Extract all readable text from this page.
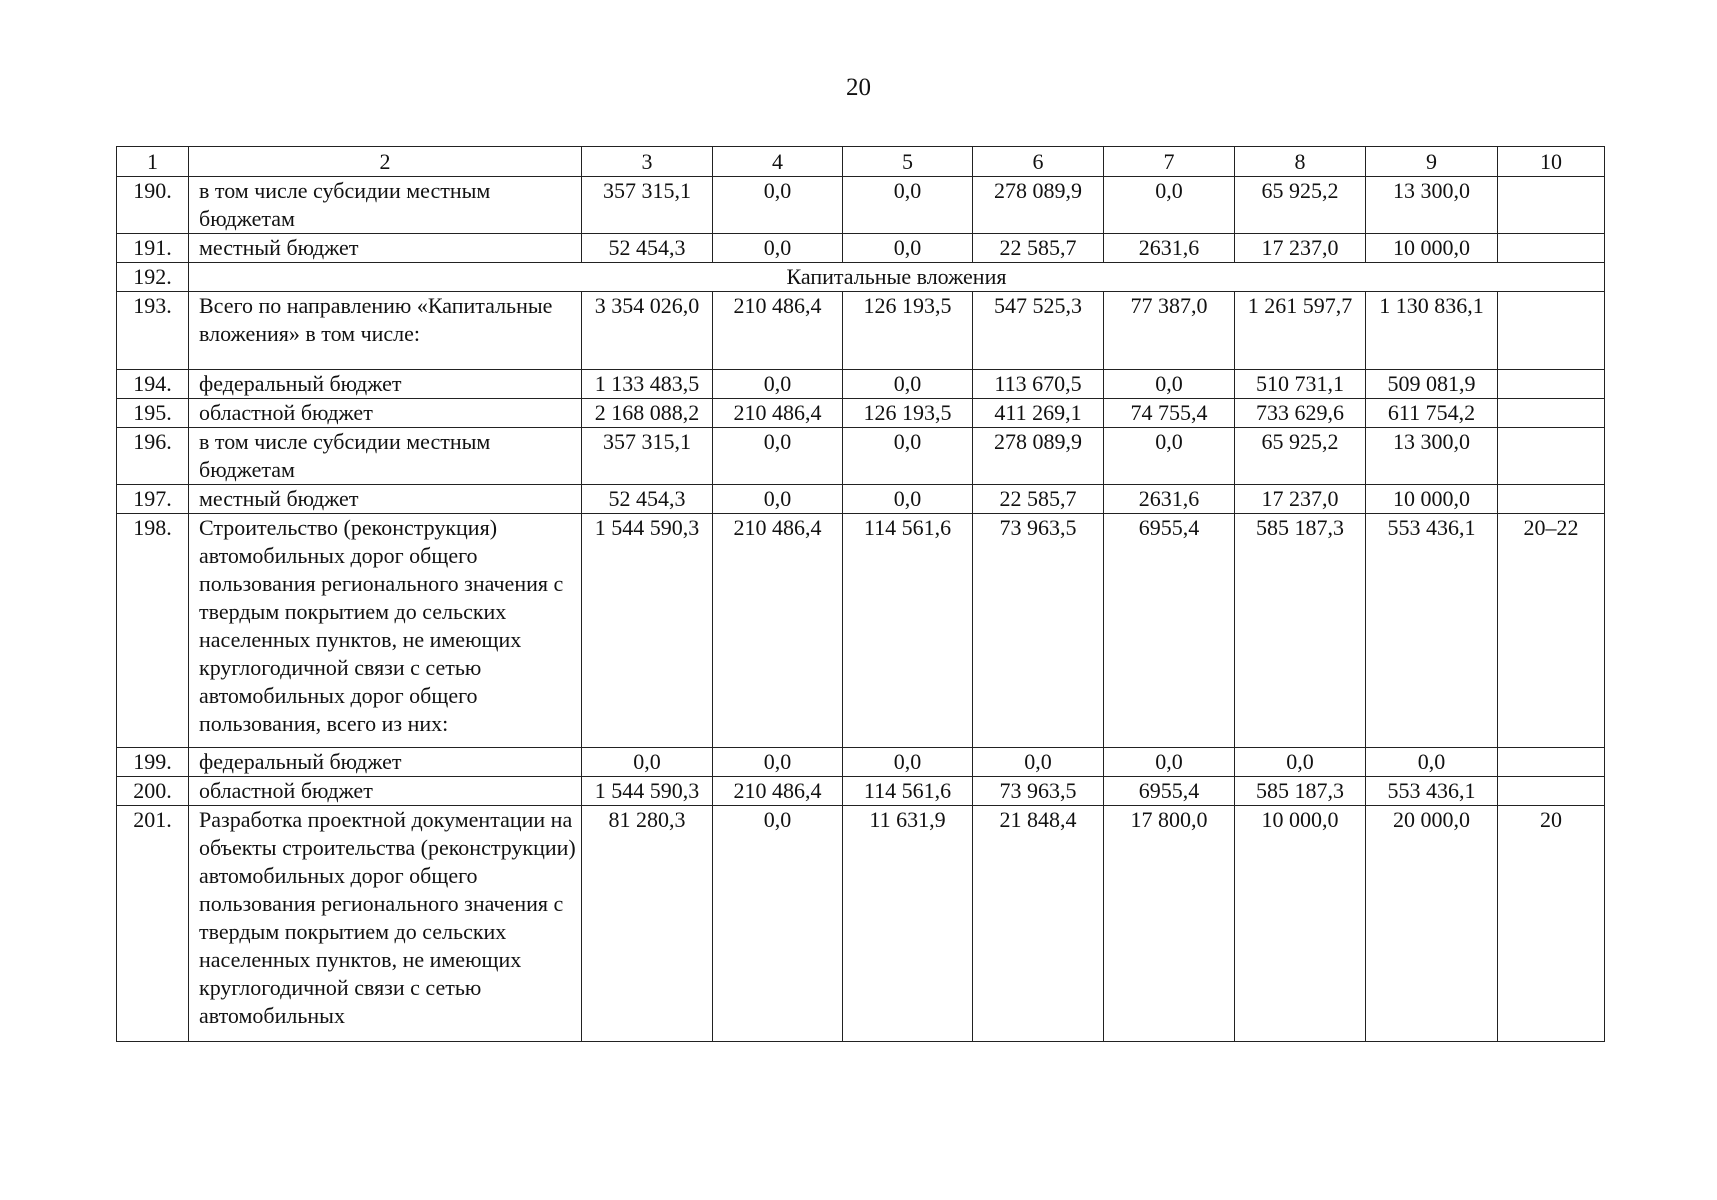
20
1	2	3	4	5	6	7	8	9	10
190.	в том числе субсидии местным бюджетам	357 315,1	0,0	0,0	278 089,9	0,0	65 925,2	13 300,0	
191.	местный бюджет	52 454,3	0,0	0,0	22 585,7	2631,6	17 237,0	10 000,0	
192.	Капитальные вложения								
193.	Всего по направлению «Капитальные вложения» в том числе:	3 354 026,0	210 486,4	126 193,5	547 525,3	77 387,0	1 261 597,7	1 130 836,1	
194.	федеральный бюджет	1 133 483,5	0,0	0,0	113 670,5	0,0	510 731,1	509 081,9	
195.	областной бюджет	2 168 088,2	210 486,4	126 193,5	411 269,1	74 755,4	733 629,6	611 754,2	
196.	в том числе субсидии местным бюджетам	357 315,1	0,0	0,0	278 089,9	0,0	65 925,2	13 300,0	
197.	местный бюджет	52 454,3	0,0	0,0	22 585,7	2631,6	17 237,0	10 000,0	
198.	Строительство (реконструкция) автомобильных дорог общего пользования регионального значения с твердым покрытием до сельских населенных пунктов, не имеющих круглогодичной связи с сетью автомобильных дорог общего пользования, всего из них:	1 544 590,3	210 486,4	114 561,6	73 963,5	6955,4	585 187,3	553 436,1	20–22
199.	федеральный бюджет	0,0	0,0	0,0	0,0	0,0	0,0	0,0	
200.	областной бюджет	1 544 590,3	210 486,4	114 561,6	73 963,5	6955,4	585 187,3	553 436,1	
201.	Разработка проектной документации на объекты строительства (реконструкции) автомобильных дорог общего пользования регионального значения с твердым покрытием до сельских населенных пунктов, не имеющих круглогодичной связи с сетью автомобильных	81 280,3	0,0	11 631,9	21 848,4	17 800,0	10 000,0	20 000,0	20
